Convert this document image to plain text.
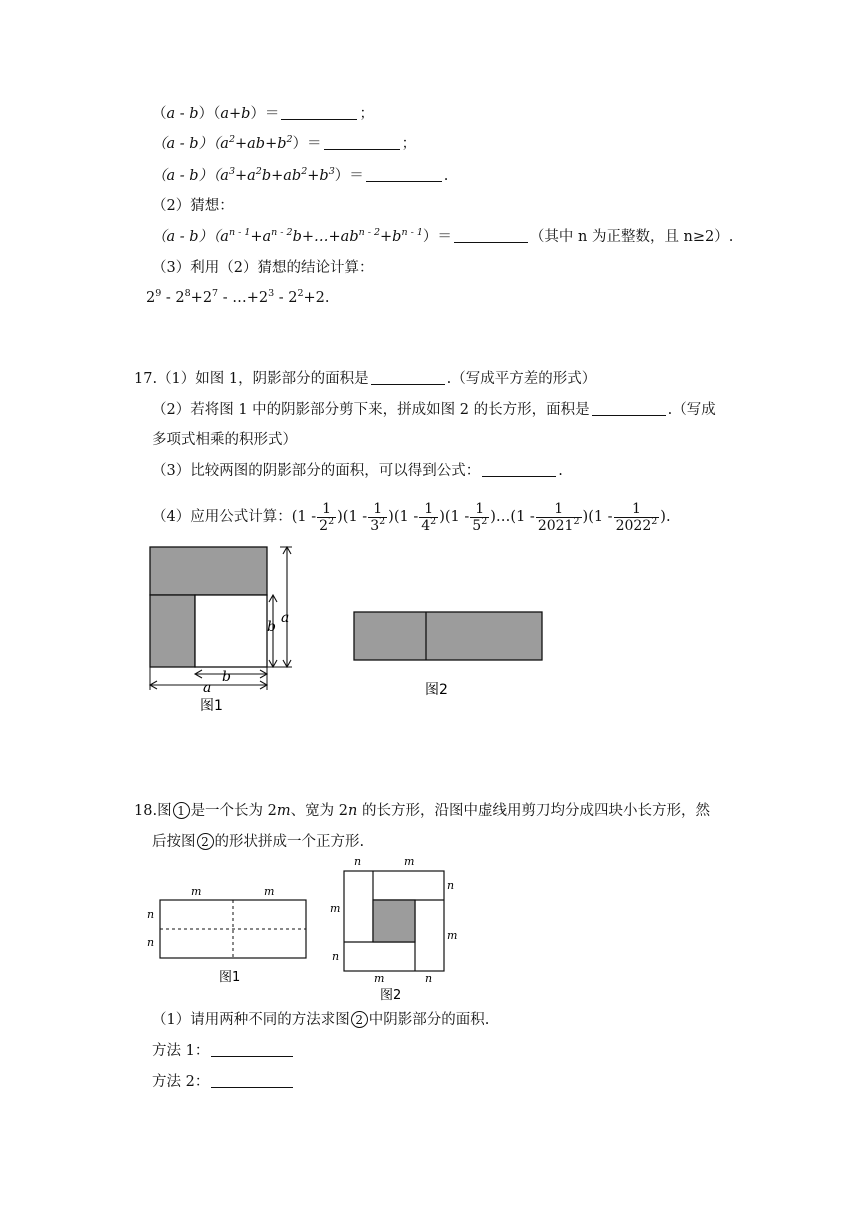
（a - b）（a+b）＝	；
$(a - b)(a^2+ab+b^2)=$	；
$(a - b)(a^3+a^2b+ab^2+b^3)=$	.
（2）猜想：
$(a - b)(a^{n - 1}+a^{n - 2}b+\dots+ab^{n - 2}+b^{n - 1})=$	（其中 n 为正整数，且 n≥2）.
（3）利用（2）猜想的结论计算：
$2^9 - 2^8+2^7$ - $\dots+2^3 - 2^2+2$.
17.（1）如图 1，阴影部分的面积是	.（写成平方差的形式）
（2）若将图 1 中的阴影部分剪下来，拼成如图 2 的长方形，面积是	.（写成
多项式相乘的积形式）
（3）比较两图的阴影部分的面积，可以得到公式：	.
（4）应用公式计算： ($1 - \frac{1}{2^2}$ ) ($1 - \frac{1}{3^2}$ ) ($1 - \frac{1}{4^2}$ ) ($1 - \frac{1}{5^2}$ ) … ($1 - \frac{1}{2021^2}$ ) ($1 - \frac{1}{2022^2}$ ) .
a
b
b
a
图1
图2
18.图 1 是一个长为 2m、宽为 2n 的长方形，沿图中虚线用剪刀均分成四块小长方形，然
后按图 2 的形状拼成一个正方形.
m	m
n
n
图1
n	m
n
m
m
n
m	n
图2
（1）请用两种不同的方法求图 2 中阴影部分的面积.
方法 1：
方法 2：
